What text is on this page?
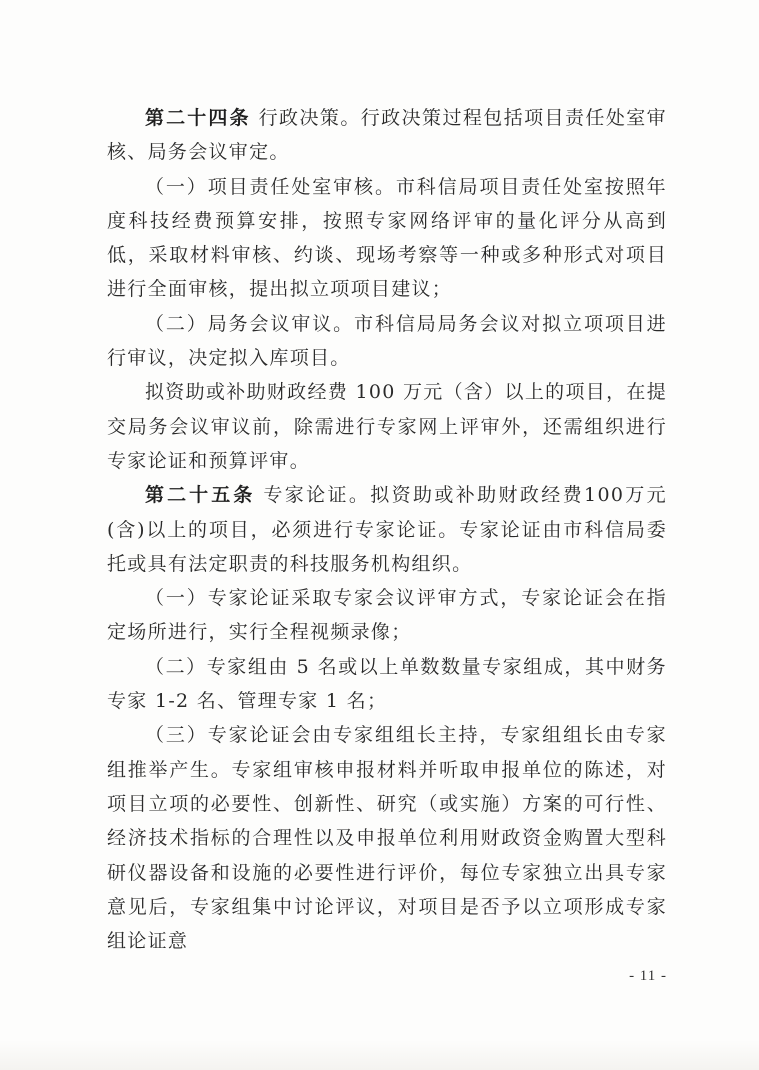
第二十四条 行政决策。行政决策过程包括项目责任处室审核、局务会议审定。

（一）项目责任处室审核。市科信局项目责任处室按照年度科技经费预算安排，按照专家网络评审的量化评分从高到低，采取材料审核、约谈、现场考察等一种或多种形式对项目进行全面审核，提出拟立项项目建议；

（二）局务会议审议。市科信局局务会议对拟立项项目进行审议，决定拟入库项目。

拟资助或补助财政经费 100 万元（含）以上的项目，在提交局务会议审议前，除需进行专家网上评审外，还需组织进行专家论证和预算评审。

第二十五条 专家论证。拟资助或补助财政经费100万元(含)以上的项目，必须进行专家论证。专家论证由市科信局委托或具有法定职责的科技服务机构组织。

（一）专家论证采取专家会议评审方式，专家论证会在指定场所进行，实行全程视频录像；

（二）专家组由 5 名或以上单数数量专家组成，其中财务专家 1-2 名、管理专家 1 名；

（三）专家论证会由专家组组长主持，专家组组长由专家组推举产生。专家组审核申报材料并听取申报单位的陈述，对项目立项的必要性、创新性、研究（或实施）方案的可行性、经济技术指标的合理性以及申报单位利用财政资金购置大型科研仪器设备和设施的必要性进行评价，每位专家独立出具专家意见后，专家组集中讨论评议，对项目是否予以立项形成专家组论证意

- 11 -
